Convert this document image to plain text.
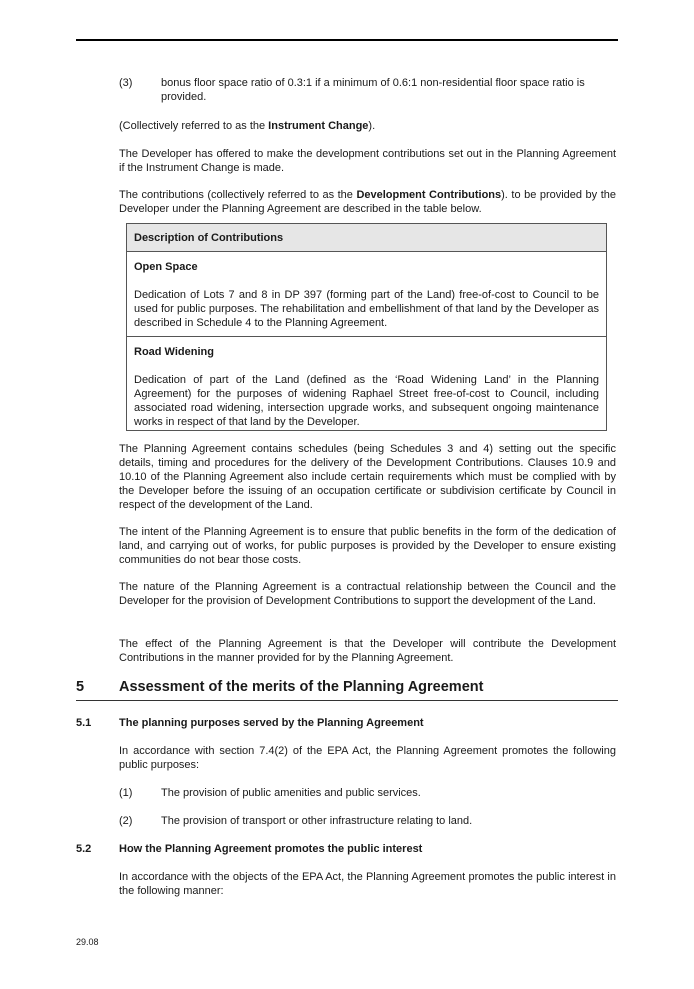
(3)	bonus floor space ratio of 0.3:1 if a minimum of 0.6:1 non-residential floor space ratio is provided.

(Collectively referred to as the Instrument Change).

The Developer has offered to make the development contributions set out in the Planning Agreement if the Instrument Change is made.

The contributions (collectively referred to as the Development Contributions). to be provided by the Developer under the Planning Agreement are described in the table below.

Description of Contributions
Open Space

Dedication of Lots 7 and 8 in DP 397 (forming part of the Land) free-of-cost to Council to be used for public purposes. The rehabilitation and embellishment of that land by the Developer as described in Schedule 4 to the Planning Agreement.

Road Widening

Dedication of part of the Land (defined as the ‘Road Widening Land’ in the Planning Agreement) for the purposes of widening Raphael Street free-of-cost to Council, including associated road widening, intersection upgrade works, and subsequent ongoing maintenance works in respect of that land by the Developer.

The Planning Agreement contains schedules (being Schedules 3 and 4) setting out the specific details, timing and procedures for the delivery of the Development Contributions. Clauses 10.9 and 10.10 of the Planning Agreement also include certain requirements which must be complied with by the Developer before the issuing of an occupation certificate or subdivision certificate by Council in respect of the development of the Land.

The intent of the Planning Agreement is to ensure that public benefits in the form of the dedication of land, and carrying out of works, for public purposes is provided by the Developer to ensure existing communities do not bear those costs.

The nature of the Planning Agreement is a contractual relationship between the Council and the Developer for the provision of Development Contributions to support the development of the Land.

The effect of the Planning Agreement is that the Developer will contribute the Development Contributions in the manner provided for by the Planning Agreement.

5 Assessment of the merits of the Planning Agreement
5.1	The planning purposes served by the Planning Agreement

In accordance with section 7.4(2) of the EPA Act, the Planning Agreement promotes the following public purposes:

(1)	The provision of public amenities and public services.
(2)	The provision of transport or other infrastructure relating to land.
5.2	How the Planning Agreement promotes the public interest

In accordance with the objects of the EPA Act, the Planning Agreement promotes the public interest in the following manner:

29.08
